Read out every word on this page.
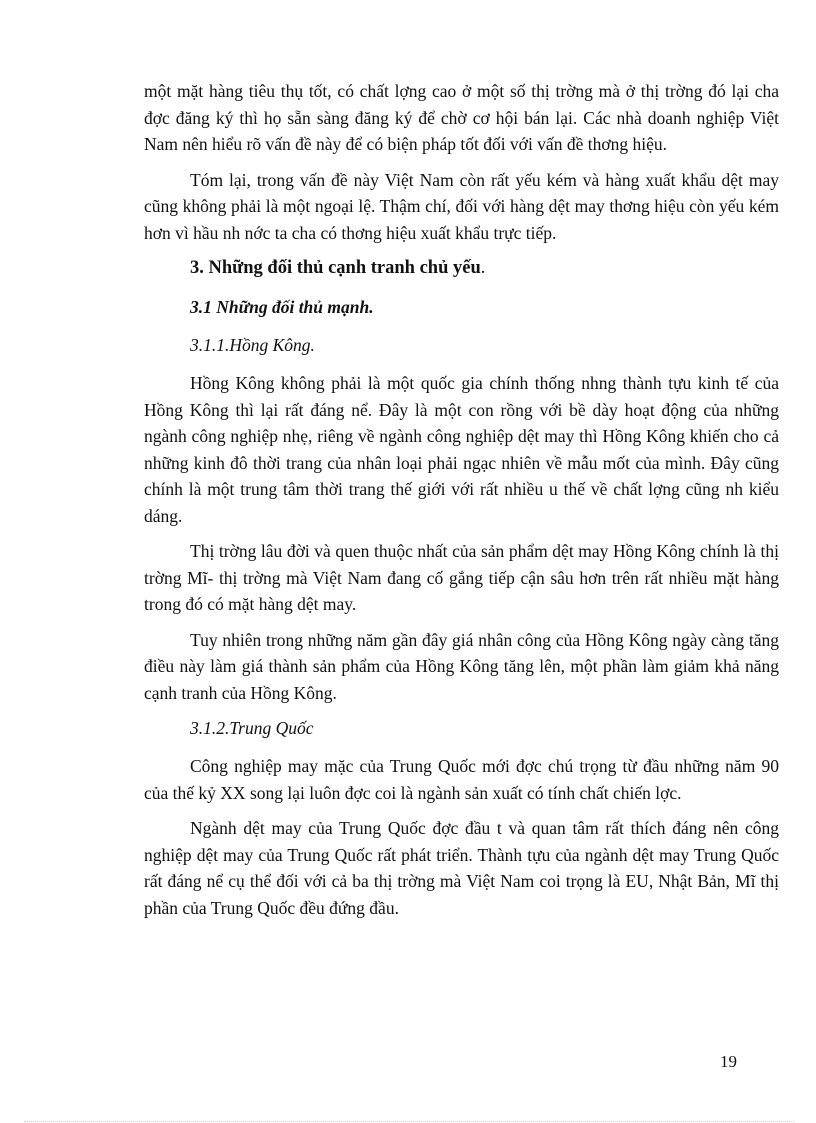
một mặt hàng tiêu thụ tốt, có chất lợng cao ở một số thị trờng mà ở thị trờng đó lại cha đợc đăng ký thì họ sẵn sàng đăng ký để chờ cơ hội bán lại. Các nhà doanh nghiệp Việt Nam nên hiểu rõ vấn đề này để có biện pháp tốt đối với vấn đề thơng hiệu.

Tóm lại, trong vấn đề này Việt Nam còn rất yếu kém và hàng xuất khẩu dệt may cũng không phải là một ngoại lệ. Thậm chí, đối với hàng dệt may thơng hiệu còn yếu kém hơn vì hầu nh nớc ta cha có thơng hiệu xuất khẩu trực tiếp.

3. Những đối thủ cạnh tranh chủ yếu.
3.1 Những đối thủ mạnh.
3.1.1.Hồng Kông.

Hồng Kông không phải là một quốc gia chính thống nhng thành tựu kinh tế của Hồng Kông thì lại rất đáng nể. Đây là một con rồng với bề dày hoạt động của những ngành công nghiệp nhẹ, riêng về ngành công nghiệp dệt may thì Hồng Kông khiến cho cả những kinh đô thời trang của nhân loại phải ngạc nhiên về mẫu mốt của mình. Đây cũng chính là một trung tâm thời trang thế giới với rất nhiều u thế về chất lợng cũng nh kiểu dáng.

Thị trờng lâu đời và quen thuộc nhất của sản phẩm dệt may Hồng Kông chính là thị trờng Mĩ- thị trờng mà Việt Nam đang cố gắng tiếp cận sâu hơn trên rất nhiều mặt hàng trong đó có mặt hàng dệt may.

Tuy nhiên trong những năm gần đây giá nhân công của Hồng Kông ngày càng tăng điều này làm giá thành sản phẩm của Hồng Kông tăng lên, một phần làm giảm khả năng cạnh tranh của Hồng Kông.

3.1.2.Trung Quốc

Công nghiệp may mặc của Trung Quốc mới đợc chú trọng từ đầu những năm 90 của thế kỷ XX song lại luôn đợc coi là ngành sản xuất có tính chất chiến lợc.

Ngành dệt may của Trung Quốc đợc đầu t và quan tâm rất thích đáng nên công nghiệp dệt may của Trung Quốc rất phát triển. Thành tựu của ngành dệt may Trung Quốc rất đáng nể cụ thể đối với cả ba thị trờng mà Việt Nam coi trọng là EU, Nhật Bản, Mĩ thị phần của Trung Quốc đều đứng đầu.

19
